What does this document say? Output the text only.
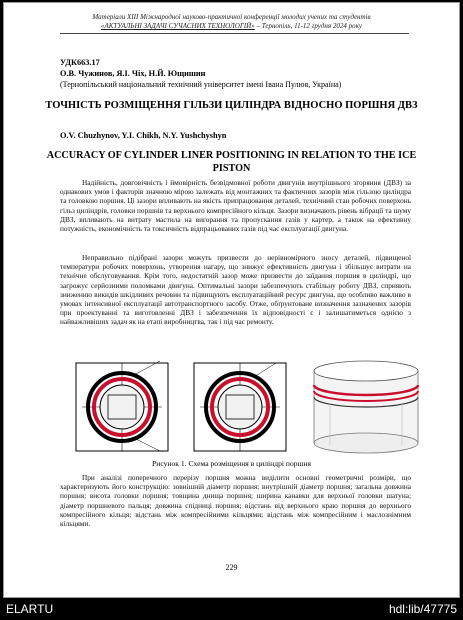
Матеріали XIII Міжнародної науково-практичної конференції молодих учених та студентів
«АКТУАЛЬНІ ЗАДАЧІ СУЧАСНИХ ТЕХНОЛОГІЙ» – Тернопіль, 11-12 грудня 2024 року
УДК663.17
О.В. Чужинов, Я.І. Чіх, Н.Й. Ющишин
(Тернопільський національний технічний університет імені Івана Пулюя, Україна)
ТОЧНІСТЬ РОЗМІЩЕННЯ ГІЛЬЗИ ЦИЛІНДРА ВІДНОСНО ПОРШНЯ ДВЗ
O.V. Chuzhynov, Y.I. Chikh, N.Y. Yushchyshyn
ACCURACY OF CYLINDER LINER POSITIONING IN RELATION TO THE ICE PISTON

Надійність, довговічність і ймовірність безвідмовної роботи двигунів внутрішнього згоряння (ДВЗ) за однакових умов і факторів значною мірою залежать від монтажних та фактичних зазорів між гільзою циліндра та головкою поршня. Ці зазори впливають на якість припрацювання деталей, технічний стан робочих поверхонь гільз циліндрів, головки поршнів та верхнього компресійного кільця. Зазори визначають рівень вібрації та шуму ДВЗ, впливають на витрату мастила на вигорання та пропускання газів у картер, а також на ефективну потужність, економічність та токсичність відпрацьованих газів під час експлуатації двигуна.

Неправильно підібрані зазори можуть призвести до нерівномірного зносу деталей, підвищеної температури робочих поверхонь, утворення нагару, що знижує ефективність двигуна і збільшує витрати на технічне обслуговування. Крім того, недостатній зазор може призвести до заїдання поршня в циліндрі, що загрожує серйозними поломками двигуна. Оптимальні зазори забезпечують стабільну роботу ДВЗ, сприяють зниженню викидів шкідливих речовин та підвищують експлуатаційний ресурс двигуна, що особливо важливо в умовах інтенсивної експлуатації автотранспортного засобу. Отже, обґрунтоване визначення зазначених зазорів при проектуванні та виготовленні ДВЗ і забезпечення їх відповідності є і залишатиметься однією з найважливіших задач як на етапі виробництва, так і під час ремонту.

Рисунок 1. Схема розміщення в циліндрі поршня

При аналізі поперечного перерізу поршня можна виділити основні геометричні розміри, що характеризують його конструкцію: зовнішній діаметр поршня; внутрішній діаметр поршня; загальна довжина поршня; висота головки поршня; товщина днища поршня; ширина канавки для верхньої головки шатуна; діаметр поршневого пальця; довжина спідниці поршня; відстань від верхнього краю поршня до верхнього компресійного кільця; відстань між компресійними кільцями; відстань між компресійним і маслознімним кільцями.

229
ELARTU	hdl:lib/47775
